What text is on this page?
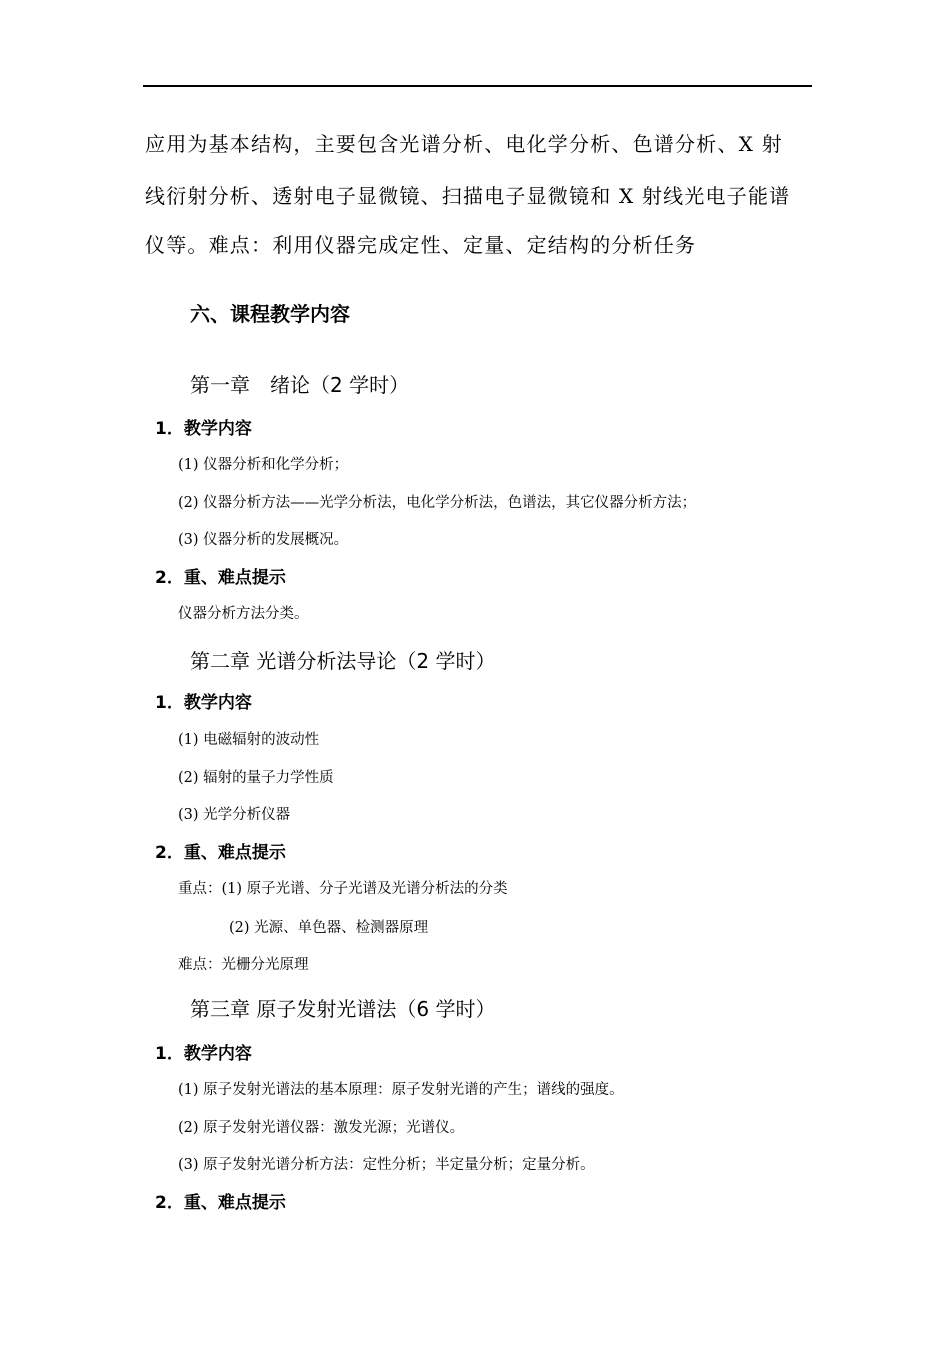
应用为基本结构，主要包含光谱分析、电化学分析、色谱分析、X 射
线衍射分析、透射电子显微镜、扫描电子显微镜和 X 射线光电子能谱
仪等。难点：利用仪器完成定性、定量、定结构的分析任务
六、课程教学内容
第一章　绪论（2 学时）
1．教学内容
(1) 仪器分析和化学分析；
(2) 仪器分析方法——光学分析法，电化学分析法，色谱法，其它仪器分析方法；
(3) 仪器分析的发展概况。
2．重、难点提示
仪器分析方法分类。
第二章 光谱分析法导论（2 学时）
1．教学内容
(1) 电磁辐射的波动性
(2) 辐射的量子力学性质
(3) 光学分析仪器
2．重、难点提示
重点：(1) 原子光谱、分子光谱及光谱分析法的分类
(2) 光源、单色器、检测器原理
难点：光栅分光原理
第三章 原子发射光谱法（6 学时）
1．教学内容
(1) 原子发射光谱法的基本原理：原子发射光谱的产生；谱线的强度。
(2) 原子发射光谱仪器：激发光源；光谱仪。
(3) 原子发射光谱分析方法：定性分析；半定量分析；定量分析。
2．重、难点提示
